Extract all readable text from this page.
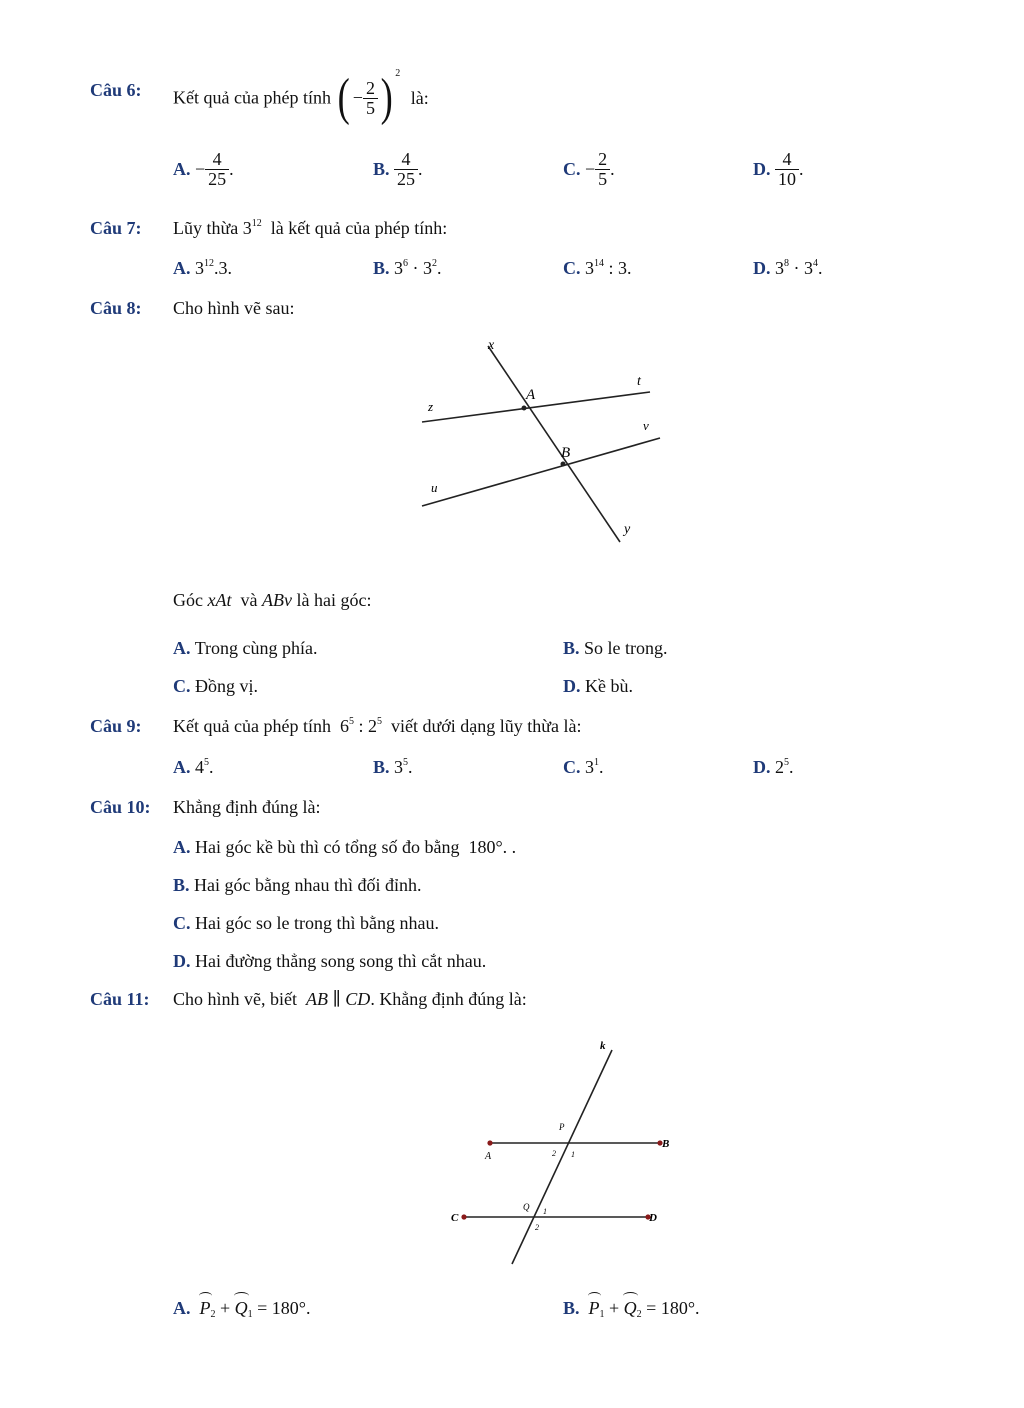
Câu 6: Kết quả của phép tính ( − $\frac{2}{5}$ ) $^2$ là:
A. − $\frac{4}{25}$ .	B. $\frac{4}{25}$ .	C. − $\frac{2}{5}$ .	D. $\frac{4}{10}$ .
Câu 7: Lũy thừa $3^{12}$ là kết quả của phép tính:
A. $3^{12}.3$.	B. $3^6 \cdot 3^2$.	C. $3^{14}$ : 3.	D. $3^8 \cdot 3^4$.
Câu 8: Cho hình vẽ sau:
x
A
t
z
v
B
u
y
Góc xAt và ABv là hai góc:
A. Trong cùng phía.	B. So le trong.
C. Đồng vị.	D. Kề bù.
Câu 9: Kết quả của phép tính $6^5$ : $2^5$ viết dưới dạng lũy thừa là:
A. $4^5$.	B. $3^5$.	C. $3^1$.	D. $2^5$.
Câu 10: Khẳng định đúng là:
A. Hai góc kề bù thì có tổng số đo bằng 180°. .
B. Hai góc bằng nhau thì đối đỉnh.
C. Hai góc so le trong thì bằng nhau.
D. Hai đường thẳng song song thì cắt nhau.
Câu 11: Cho hình vẽ, biết AB ∥ CD. Khẳng định đúng là:
k
P
A
B
2 1
Q
C	D
1
2
A. $P_2 + Q_1 = 180^\circ$.	B. $P_1 + Q_2 = 180^\circ$.
